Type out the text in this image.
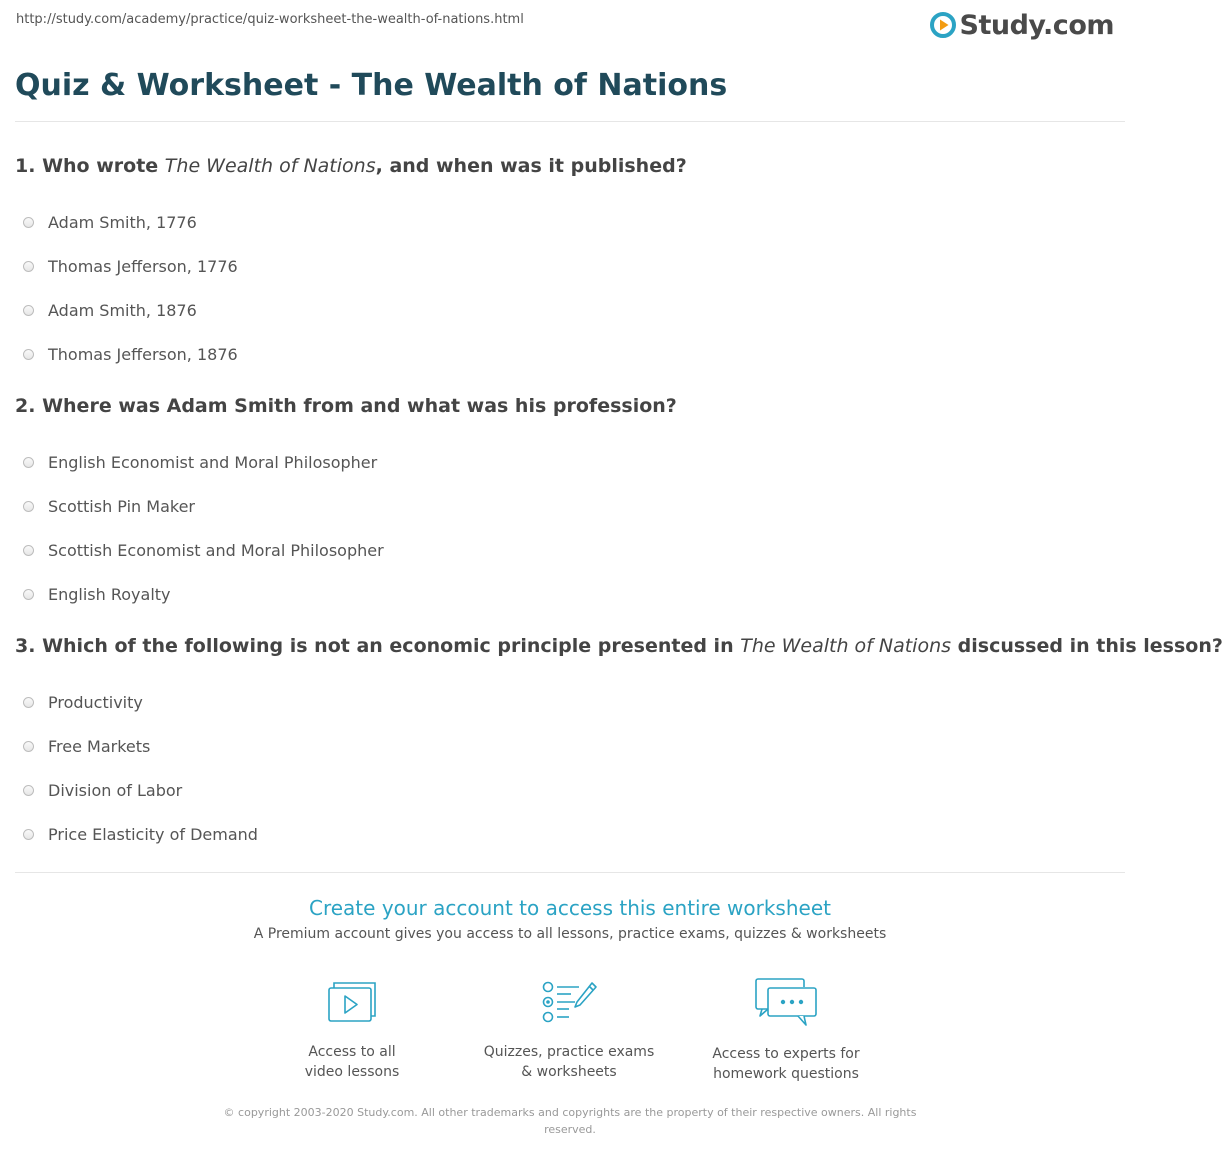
http://study.com/academy/practice/quiz-worksheet-the-wealth-of-nations.html	Study.com
Quiz & Worksheet - The Wealth of Nations

1. Who wrote The Wealth of Nations, and when was it published?

Adam Smith, 1776
Thomas Jefferson, 1776
Adam Smith, 1876
Thomas Jefferson, 1876

2. Where was Adam Smith from and what was his profession?

English Economist and Moral Philosopher
Scottish Pin Maker
Scottish Economist and Moral Philosopher
English Royalty

3. Which of the following is not an economic principle presented in The Wealth of Nations discussed in this lesson?

Productivity
Free Markets
Division of Labor
Price Elasticity of Demand
Create your account to access this entire worksheet
A Premium account gives you access to all lessons, practice exams, quizzes & worksheets
Access to all
video lessons
Quizzes, practice exams
& worksheets
Access to experts for
homework questions
© copyright 2003-2020 Study.com. All other trademarks and copyrights are the property of their respective owners. All rights reserved.
